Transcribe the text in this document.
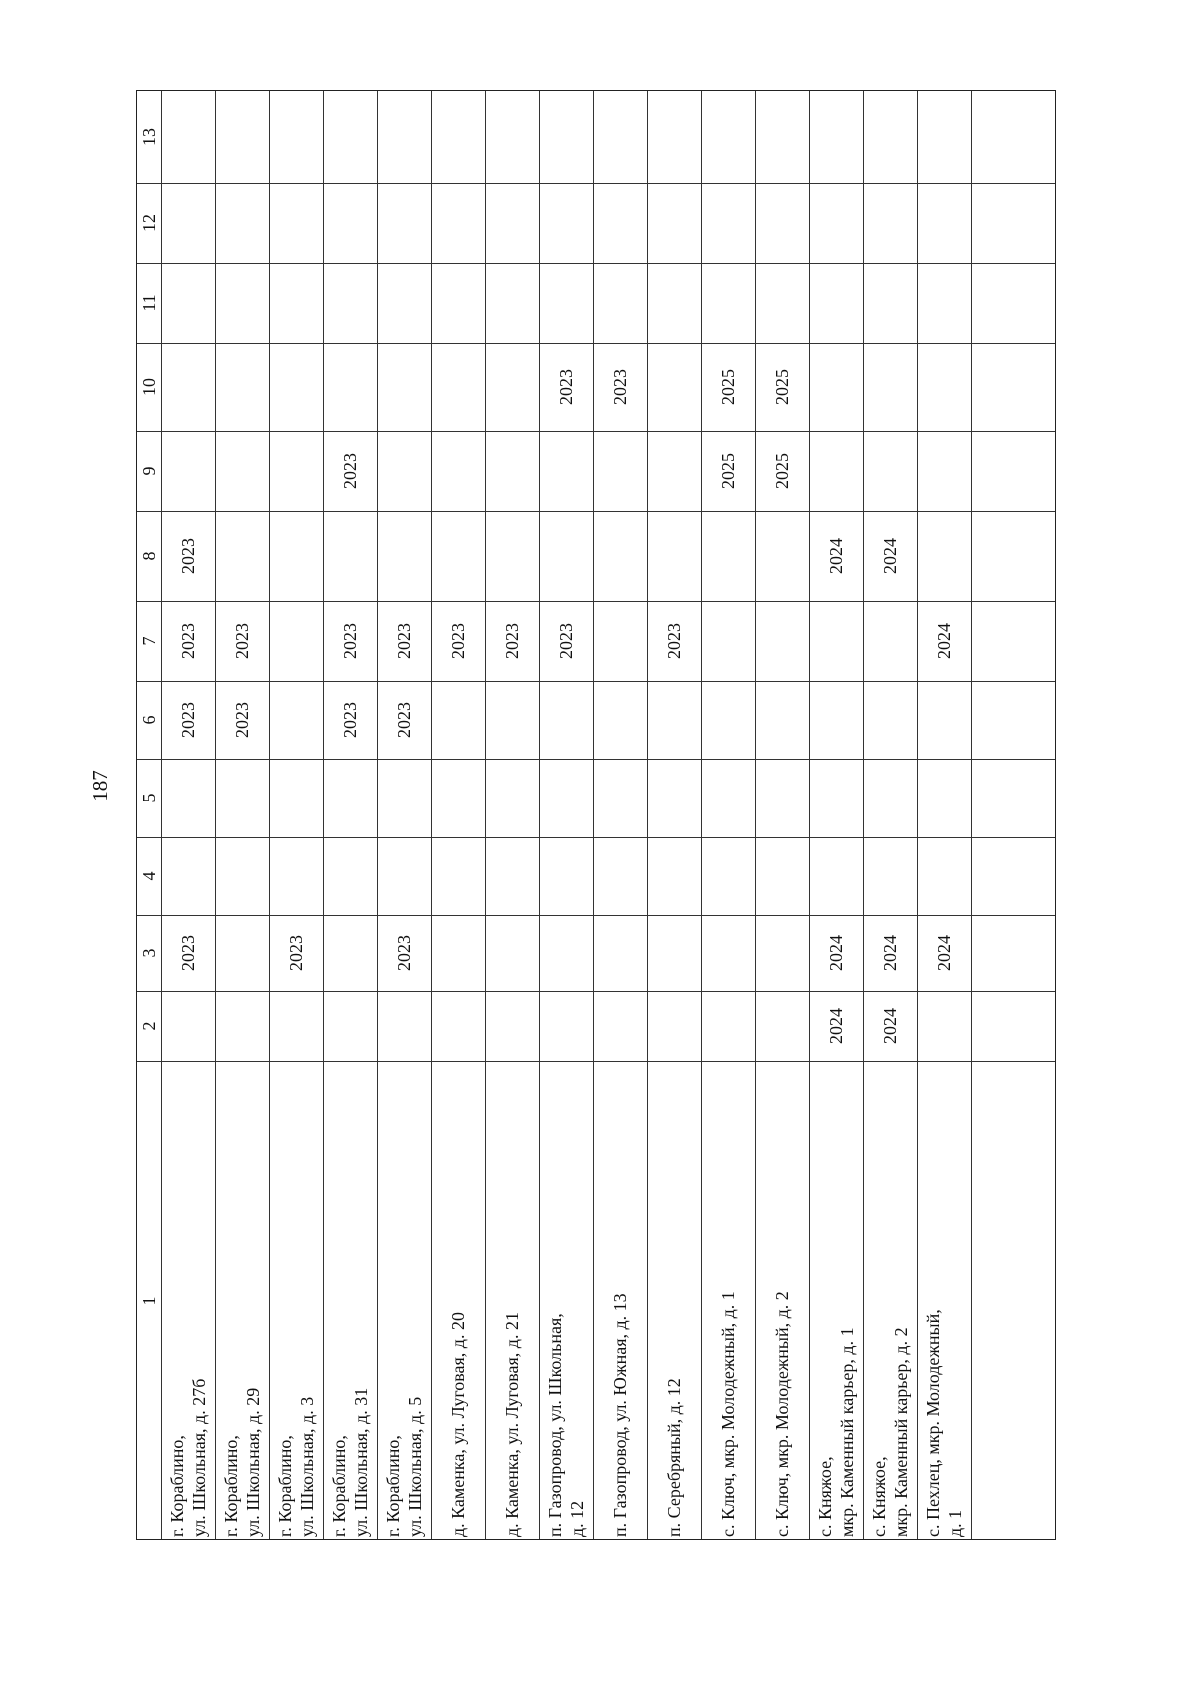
187
1
2
3
4
5
6
7
8
9
10
11
12
13
г. Кораблино,
ул. Школьная, д. 27б
2023
2023
2023
2023
г. Кораблино,
ул. Школьная, д. 29
2023
2023
г. Кораблино,
ул. Школьная, д. 3
2023
г. Кораблино,
ул. Школьная, д. 31
2023
2023
2023
г. Кораблино,
ул. Школьная, д. 5
2023
2023
2023
д. Каменка, ул. Луговая, д. 20
2023
д. Каменка, ул. Луговая, д. 21
2023
п. Газопровод, ул. Школьная,
д. 12
2023
2023
п. Газопровод, ул. Южная, д. 13
2023
п. Серебряный, д. 12
2023
с. Ключ, мкр. Молодежный, д. 1
2025
2025
с. Ключ, мкр. Молодежный, д. 2
2025
2025
с. Княжое,
мкр. Каменный карьер, д. 1
2024
2024
2024
с. Княжое,
мкр. Каменный карьер, д. 2
2024
2024
2024
с. Пехлец, мкр. Молодежный,
д. 1
2024
2024
